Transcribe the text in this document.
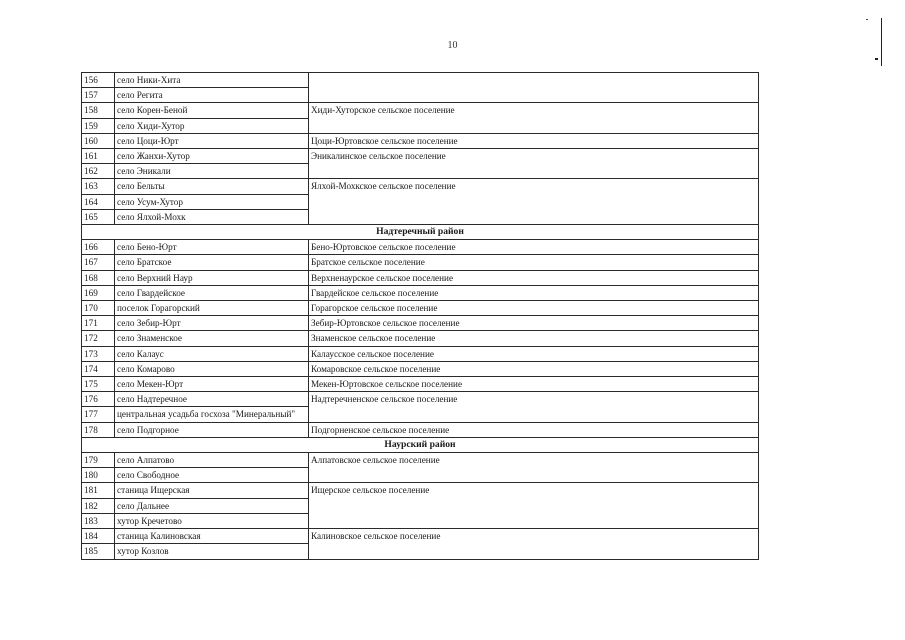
10
156	село Ники-Хита	
157	село Регита	
158	село Корен-Беной	Хиди-Хуторское сельское поселение
159	село Хиди-Хутор	
160	село Цоци-Юрт	Цоци-Юртовское сельское поселение
161	село Жанхи-Хутор	Эникалинское сельское поселение
162	село Эникали	
163	село Бельты	Ялхой-Мохкское сельское поселение
164	село Усум-Хутор	
165	село Ялхой-Мохк	
Надтеречный район		
166	село Бено-Юрт	Бено-Юртовское сельское поселение
167	село Братское	Братское сельское поселение
168	село Верхний Наур	Верхненаурское сельское поселение
169	село Гвардейское	Гвардейское сельское поселение
170	поселок Горагорский	Горагорское сельское поселение
171	село Зебир-Юрт	Зебир-Юртовское сельское поселение
172	село Знаменское	Знаменское сельское поселение
173	село Калаус	Калаусское сельское поселение
174	село Комарово	Комаровское сельское поселение
175	село Мекен-Юрт	Мекен-Юртовское сельское поселение
176	село Надтеречное	Надтеречненское сельское поселение
177	центральная усадьба госхоза "Минеральный"	
178	село Подгорное	Подгорненское сельское поселение
Наурский район		
179	село Алпатово	Алпатовское сельское поселение
180	село Свободное	
181	станица Ищерская	Ищерское сельское поселение
182	село Дальнее	
183	хутор Кречетово	
184	станица Калиновская	Калиновское сельское поселение
185	хутор Козлов	
